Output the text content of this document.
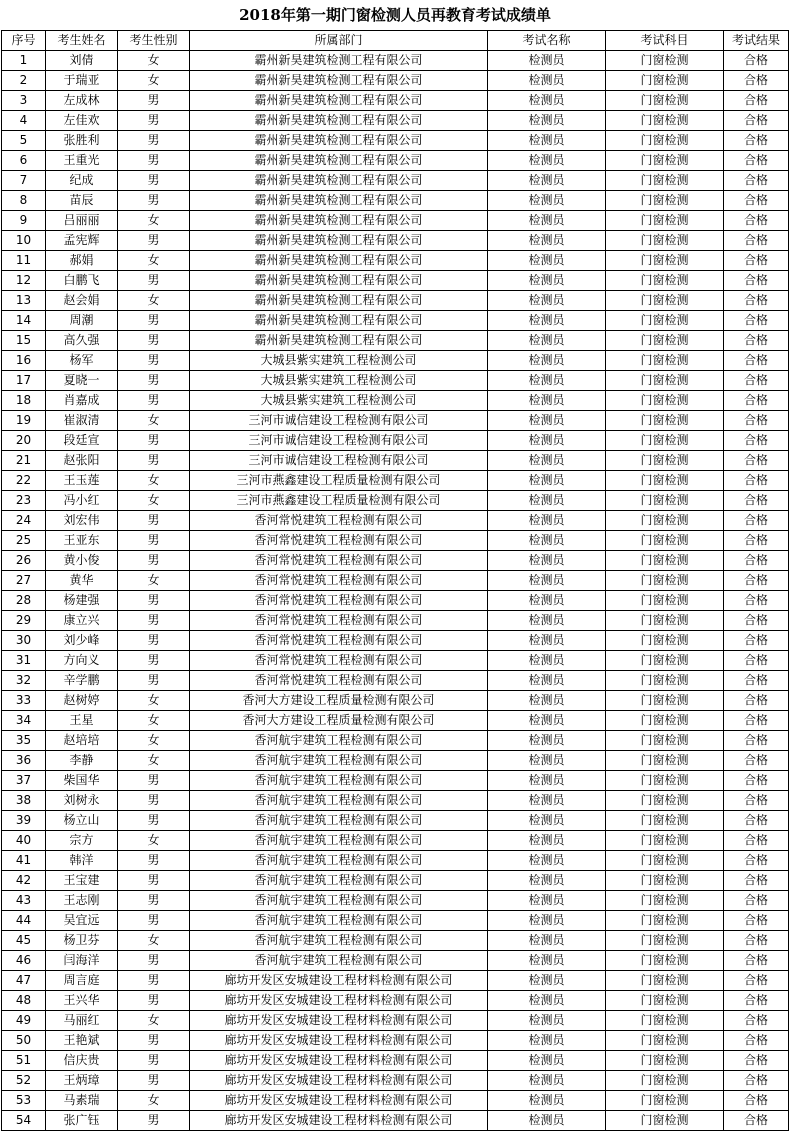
2018年第一期门窗检测人员再教育考试成绩单
序号	考生姓名	考生性别	所属部门	考试名称	考试科目	考试结果
1	刘倩	女	霸州新昊建筑检测工程有限公司	检测员	门窗检测	合格
2	于瑞亚	女	霸州新昊建筑检测工程有限公司	检测员	门窗检测	合格
3	左成林	男	霸州新昊建筑检测工程有限公司	检测员	门窗检测	合格
4	左佳欢	男	霸州新昊建筑检测工程有限公司	检测员	门窗检测	合格
5	张胜利	男	霸州新昊建筑检测工程有限公司	检测员	门窗检测	合格
6	王重光	男	霸州新昊建筑检测工程有限公司	检测员	门窗检测	合格
7	纪成	男	霸州新昊建筑检测工程有限公司	检测员	门窗检测	合格
8	苗辰	男	霸州新昊建筑检测工程有限公司	检测员	门窗检测	合格
9	吕丽丽	女	霸州新昊建筑检测工程有限公司	检测员	门窗检测	合格
10	孟宪辉	男	霸州新昊建筑检测工程有限公司	检测员	门窗检测	合格
11	郝娟	女	霸州新昊建筑检测工程有限公司	检测员	门窗检测	合格
12	白鹏飞	男	霸州新昊建筑检测工程有限公司	检测员	门窗检测	合格
13	赵会娟	女	霸州新昊建筑检测工程有限公司	检测员	门窗检测	合格
14	周潮	男	霸州新昊建筑检测工程有限公司	检测员	门窗检测	合格
15	高久强	男	霸州新昊建筑检测工程有限公司	检测员	门窗检测	合格
16	杨军	男	大城县紫实建筑工程检测公司	检测员	门窗检测	合格
17	夏晓一	男	大城县紫实建筑工程检测公司	检测员	门窗检测	合格
18	肖嘉成	男	大城县紫实建筑工程检测公司	检测员	门窗检测	合格
19	崔淑清	女	三河市诚信建设工程检测有限公司	检测员	门窗检测	合格
20	段廷宣	男	三河市诚信建设工程检测有限公司	检测员	门窗检测	合格
21	赵张阳	男	三河市诚信建设工程检测有限公司	检测员	门窗检测	合格
22	王玉莲	女	三河市燕鑫建设工程质量检测有限公司	检测员	门窗检测	合格
23	冯小红	女	三河市燕鑫建设工程质量检测有限公司	检测员	门窗检测	合格
24	刘宏伟	男	香河常悦建筑工程检测有限公司	检测员	门窗检测	合格
25	王亚东	男	香河常悦建筑工程检测有限公司	检测员	门窗检测	合格
26	黄小俊	男	香河常悦建筑工程检测有限公司	检测员	门窗检测	合格
27	黄华	女	香河常悦建筑工程检测有限公司	检测员	门窗检测	合格
28	杨建强	男	香河常悦建筑工程检测有限公司	检测员	门窗检测	合格
29	康立兴	男	香河常悦建筑工程检测有限公司	检测员	门窗检测	合格
30	刘少峰	男	香河常悦建筑工程检测有限公司	检测员	门窗检测	合格
31	方向义	男	香河常悦建筑工程检测有限公司	检测员	门窗检测	合格
32	辛学鹏	男	香河常悦建筑工程检测有限公司	检测员	门窗检测	合格
33	赵树婷	女	香河大方建设工程质量检测有限公司	检测员	门窗检测	合格
34	王星	女	香河大方建设工程质量检测有限公司	检测员	门窗检测	合格
35	赵培培	女	香河航宇建筑工程检测有限公司	检测员	门窗检测	合格
36	李静	女	香河航宇建筑工程检测有限公司	检测员	门窗检测	合格
37	柴国华	男	香河航宇建筑工程检测有限公司	检测员	门窗检测	合格
38	刘树永	男	香河航宇建筑工程检测有限公司	检测员	门窗检测	合格
39	杨立山	男	香河航宇建筑工程检测有限公司	检测员	门窗检测	合格
40	宗方	女	香河航宇建筑工程检测有限公司	检测员	门窗检测	合格
41	韩洋	男	香河航宇建筑工程检测有限公司	检测员	门窗检测	合格
42	王宝建	男	香河航宇建筑工程检测有限公司	检测员	门窗检测	合格
43	王志刚	男	香河航宇建筑工程检测有限公司	检测员	门窗检测	合格
44	吴宜远	男	香河航宇建筑工程检测有限公司	检测员	门窗检测	合格
45	杨卫芬	女	香河航宇建筑工程检测有限公司	检测员	门窗检测	合格
46	闫海洋	男	香河航宇建筑工程检测有限公司	检测员	门窗检测	合格
47	周言庭	男	廊坊开发区安城建设工程材料检测有限公司	检测员	门窗检测	合格
48	王兴华	男	廊坊开发区安城建设工程材料检测有限公司	检测员	门窗检测	合格
49	马丽红	女	廊坊开发区安城建设工程材料检测有限公司	检测员	门窗检测	合格
50	王艳斌	男	廊坊开发区安城建设工程材料检测有限公司	检测员	门窗检测	合格
51	信庆贵	男	廊坊开发区安城建设工程材料检测有限公司	检测员	门窗检测	合格
52	王炳璋	男	廊坊开发区安城建设工程材料检测有限公司	检测员	门窗检测	合格
53	马素瑞	女	廊坊开发区安城建设工程材料检测有限公司	检测员	门窗检测	合格
54	张广钰	男	廊坊开发区安城建设工程材料检测有限公司	检测员	门窗检测	合格
